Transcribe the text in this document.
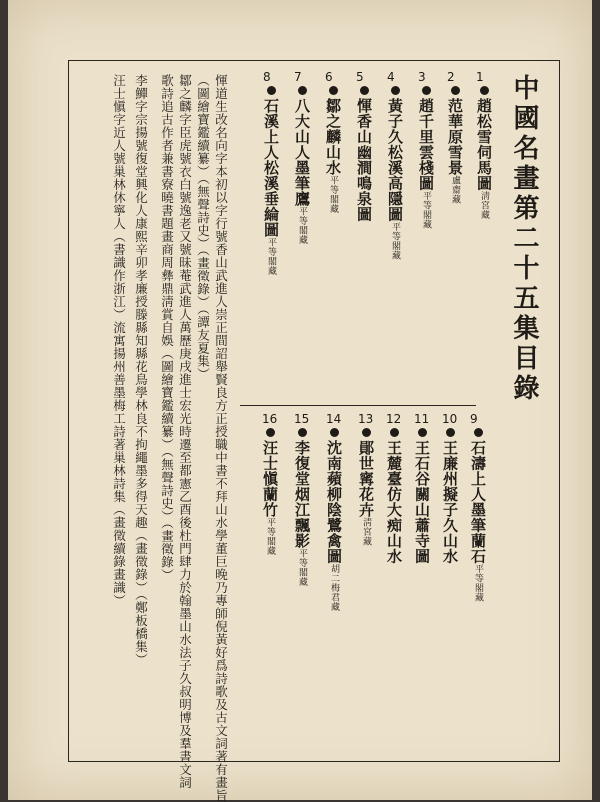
中國名畫第二十五集目錄
1
趙松雪伺馬圖淸宮藏
2
范華原雪景盧齋藏
3
趙千里雲棧圖平等閣藏
4
黃子久松溪高隱圖平等閣藏
5
惲香山幽澗鳴泉圖
6
鄒之麟山水平等閣藏
7
八大山人墨筆鷹平等閣藏
8
石溪上人松溪垂綸圖平等閣藏
9
石濤上人墨筆蘭石平等閣藏
10
王廉州擬子久山水
11
王石谷關山蕭寺圖
12
王麓臺仿大痴山水
13
鄖世寗花卉淸宮藏
14
沈南蘋柳陰鷺禽圖胡二梅君藏
15
李復堂烟江飄影平等閣藏
16
汪士愼蘭竹平等閣藏
惲道生改名向字本初以字行號香山武進人崇正間詔舉賢良方正授職中書不拜山水學董巨晚乃專師倪黃好爲詩歌及古文詞著有畫旨
（圖繪寶鑑續纂）（無聲詩史）（畫徵錄）（譚友夏集）
鄒之麟字臣虎號衣白號逸老又號昧菴武進人萬歷庚戌進士宏光時遷至都憲乙酉後杜門肆力於翰墨山水法子久叔明博及羣書文詞
歌詩追古作者兼書寮曉書題畫商周彝鼎淸賞自娛（圖繪寶鑑續纂）（無聲詩史）（畫徵錄）
李鱓字宗揚號復堂興化人康熙辛卯孝廉授滕縣知縣花鳥學林良不拘繩墨多得天趣（畫徵錄）（鄭板橋集）
汪士愼字近人號巢林休寧人（書識作浙江）流寓揚州善墨梅工詩著巢林詩集（畫徵續錄畫識）
